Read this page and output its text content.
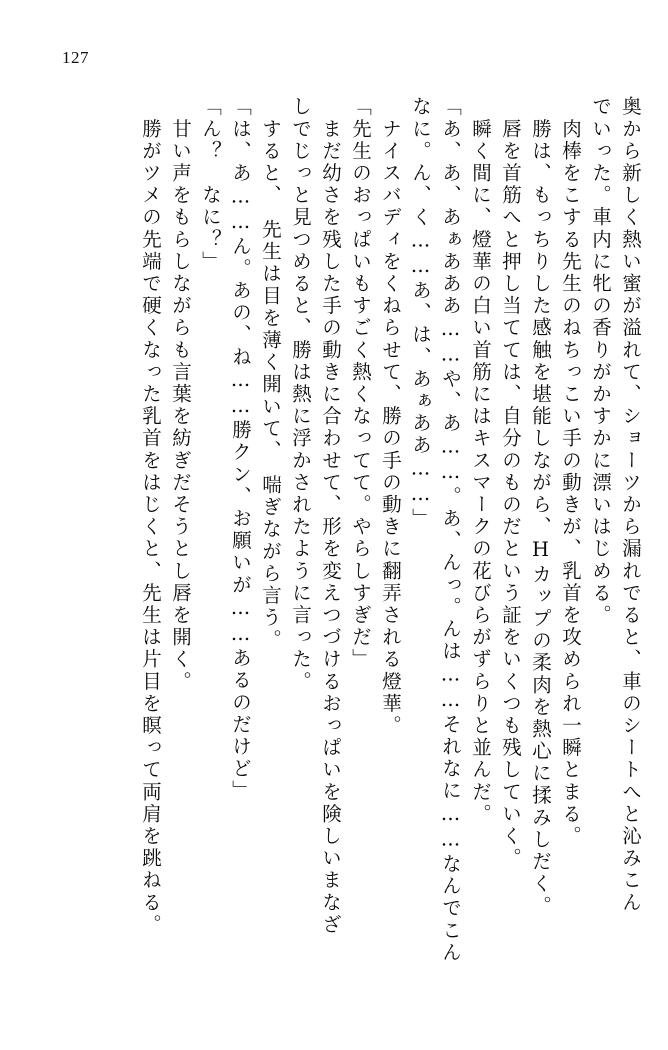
127
奥から新しく熱い蜜が溢れて、ショーツから漏れでると、車のシートへと沁みこん
でいった。車内に牝の香りがかすかに漂いはじめる。
　肉棒をこする先生のねちっこい手の動きが、乳首を攻められ一瞬とまる。
　勝は、もっちりした感触を堪能しながら、Hカップの柔肉を熱心に揉みしだく。
　唇を首筋へと押し当てては、自分のものだという証をいくつも残していく。
　瞬く間に、燈華の白い首筋にはキスマークの花びらがずらりと並んだ。
「あ、あ、あぁあああ……や、あ……。あ、んっ。んは……それなに……なんでこん
なに。ん、く……あ、は、あぁああ……」
　ナイスバディをくねらせて、勝の手の動きに翻弄される燈華。
「先生のおっぱいもすごく熱くなってて。やらしすぎだ」
　まだ幼さを残した手の動きに合わせて、形を変えつづけるおっぱいを険しいまなざ
しでじっと見つめると、勝は熱に浮かされたように言った。
　すると、　先生は目を薄く開いて、　喘ぎながら言う。
「は、あ……ん。あの、ね……勝クン、お願いが……あるのだけど」
「ん？　なに？」
　甘い声をもらしながらも言葉を紡ぎだそうとし唇を開く。
　勝がツメの先端で硬くなった乳首をはじくと、先生は片目を瞑って両肩を跳ねる。
